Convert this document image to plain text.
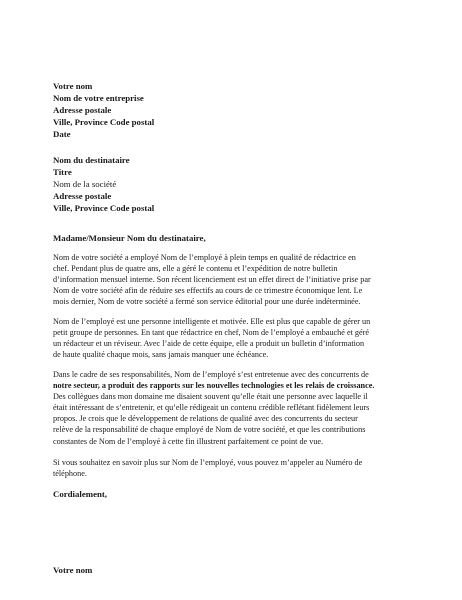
Votre nom
Nom de votre entreprise
Adresse postale
Ville, Province Code postal
Date
Nom du destinataire
Titre
Nom de la société
Adresse postale
Ville, Province Code postal
Madame/Monsieur Nom du destinataire,
Nom de votre société a employé Nom de l’employé à plein temps en qualité de rédactrice en
chef. Pendant plus de quatre ans, elle a géré le contenu et l’expédition de notre bulletin
d’information mensuel interne. Son récent licenciement est un effet direct de l’initiative prise par
Nom de votre société afin de réduire ses effectifs au cours de ce trimestre économique lent. Le
mois dernier, Nom de votre société a fermé son service éditorial pour une durée indéterminée.
Nom de l’employé est une personne intelligente et motivée. Elle est plus que capable de gérer un
petit groupe de personnes. En tant que rédactrice en chef, Nom de l’employé a embauché et géré
un rédacteur et un réviseur. Avec l’aide de cette équipe, elle a produit un bulletin d’information
de haute qualité chaque mois, sans jamais manquer une échéance.
Dans le cadre de ses responsabilités, Nom de l’employé s’est entretenue avec des concurrents de
notre secteur, a produit des rapports sur les nouvelles technologies et les relais de croissance.
Des collègues dans mon domaine me disaient souvent qu’elle était une personne avec laquelle il
était intéressant de s’entretenir, et qu’elle rédigeait un contenu crédible reflétant fidèlement leurs
propos. Je crois que le développement de relations de qualité avec des concurrents du secteur
relève de la responsabilité de chaque employé de Nom de votre société, et que les contributions
constantes de Nom de l’employé à cette fin illustrent parfaitement ce point de vue.
Si vous souhaitez en savoir plus sur Nom de l’employé, vous pouvez m’appeler au Numéro de
téléphone.
Cordialement,
Votre nom
